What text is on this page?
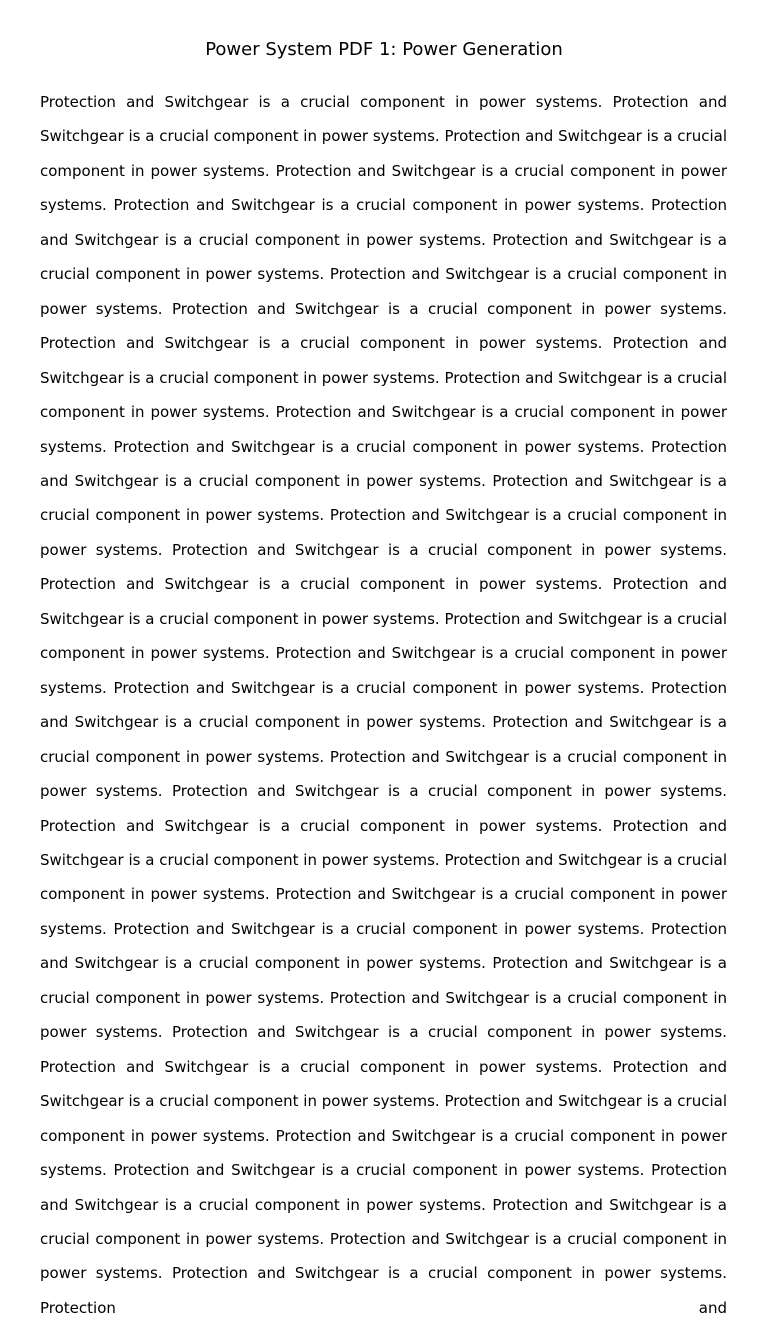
Power System PDF 1: Power Generation

Protection and Switchgear is a crucial component in power systems. Protection and Switchgear is a crucial component in power systems. Protection and Switchgear is a crucial component in power systems. Protection and Switchgear is a crucial component in power systems. Protection and Switchgear is a crucial component in power systems. Protection and Switchgear is a crucial component in power systems. Protection and Switchgear is a crucial component in power systems. Protection and Switchgear is a crucial component in power systems. Protection and Switchgear is a crucial component in power systems. Protection and Switchgear is a crucial component in power systems. Protection and Switchgear is a crucial component in power systems. Protection and Switchgear is a crucial component in power systems. Protection and Switchgear is a crucial component in power systems. Protection and Switchgear is a crucial component in power systems. Protection and Switchgear is a crucial component in power systems. Protection and Switchgear is a crucial component in power systems. Protection and Switchgear is a crucial component in power systems. Protection and Switchgear is a crucial component in power systems. Protection and Switchgear is a crucial component in power systems. Protection and Switchgear is a crucial component in power systems. Protection and Switchgear is a crucial component in power systems. Protection and Switchgear is a crucial component in power systems. Protection and Switchgear is a crucial component in power systems. Protection and Switchgear is a crucial component in power systems. Protection and Switchgear is a crucial component in power systems. Protection and Switchgear is a crucial component in power systems. Protection and Switchgear is a crucial component in power systems. Protection and Switchgear is a crucial component in power systems. Protection and Switchgear is a crucial component in power systems. Protection and Switchgear is a crucial component in power systems. Protection and Switchgear is a crucial component in power systems. Protection and Switchgear is a crucial component in power systems. Protection and Switchgear is a crucial component in power systems. Protection and Switchgear is a crucial component in power systems. Protection and Switchgear is a crucial component in power systems. Protection and Switchgear is a crucial component in power systems. Protection and Switchgear is a crucial component in power systems. Protection and Switchgear is a crucial component in power systems. Protection and Switchgear is a crucial component in power systems. Protection and Switchgear is a crucial component in power systems. Protection and Switchgear is a crucial component in power systems. Protection and Switchgear is a crucial component in power systems. Protection and Switchgear is a crucial component in power systems. Protection and Switchgear is a crucial component in power systems. Protection and Switchgear is a crucial component in power systems. Protection and
